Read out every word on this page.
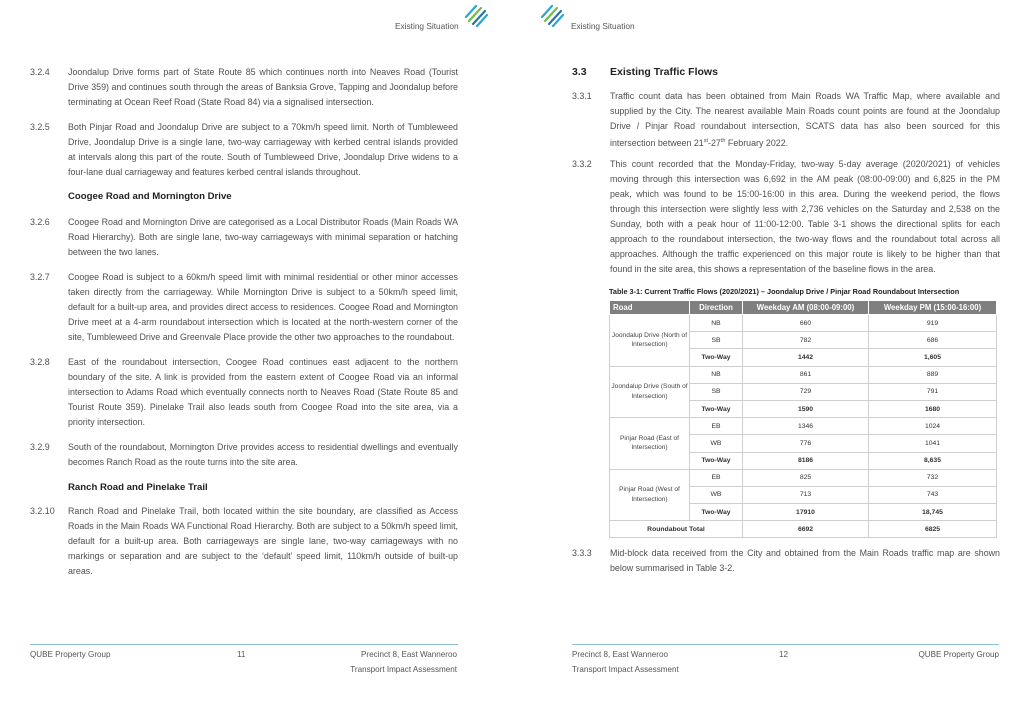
Existing Situation
3.2.4 Joondalup Drive forms part of State Route 85 which continues north into Neaves Road (Tourist Drive 359) and continues south through the areas of Banksia Grove, Tapping and Joondalup before terminating at Ocean Reef Road (State Road 84) via a signalised intersection.
3.2.5 Both Pinjar Road and Joondalup Drive are subject to a 70km/h speed limit. North of Tumbleweed Drive, Joondalup Drive is a single lane, two-way carriageway with kerbed central islands provided at intervals along this part of the route. South of Tumbleweed Drive, Joondalup Drive widens to a four-lane dual carriageway and features kerbed central islands throughout.
Coogee Road and Mornington Drive
3.2.6 Coogee Road and Mornington Drive are categorised as a Local Distributor Roads (Main Roads WA Road Hierarchy). Both are single lane, two-way carriageways with minimal separation or hatching between the two lanes.
3.2.7 Coogee Road is subject to a 60km/h speed limit with minimal residential or other minor accesses taken directly from the carriageway. While Mornington Drive is subject to a 50km/h speed limit, default for a built-up area, and provides direct access to residences. Coogee Road and Mornington Drive meet at a 4-arm roundabout intersection which is located at the north-western corner of the site, Tumbleweed Drive and Greenvale Place provide the other two approaches to the roundabout.
3.2.8 East of the roundabout intersection, Coogee Road continues east adjacent to the northern boundary of the site. A link is provided from the eastern extent of Coogee Road via an informal intersection to Adams Road which eventually connects north to Neaves Road (State Route 85 and Tourist Route 359). Pinelake Trail also leads south from Coogee Road into the site area, via a priority intersection.
3.2.9 South of the roundabout, Mornington Drive provides access to residential dwellings and eventually becomes Ranch Road as the route turns into the site area.
Ranch Road and Pinelake Trail
3.2.10 Ranch Road and Pinelake Trail, both located within the site boundary, are classified as Access Roads in the Main Roads WA Functional Road Hierarchy. Both are subject to a 50km/h speed limit, default for a built-up area. Both carriageways are single lane, two-way carriageways with no markings or separation and are subject to the ‘default’ speed limit, 110km/h outside of built-up areas.
QUBE Property Group	11	Precinct 8, East Wanneroo
Transport Impact Assessment
Existing Situation
3.3 Existing Traffic Flows
3.3.1 Traffic count data has been obtained from Main Roads WA Traffic Map, where available and supplied by the City. The nearest available Main Roads count points are found at the Joondalup Drive / Pinjar Road roundabout intersection, SCATS data has also been sourced for this intersection between 21st-27th February 2022.
3.3.2 This count recorded that the Monday-Friday, two-way 5-day average (2020/2021) of vehicles moving through this intersection was 6,692 in the AM peak (08:00-09:00) and 6,825 in the PM peak, which was found to be 15:00-16:00 in this area. During the weekend period, the flows through this intersection were slightly less with 2,736 vehicles on the Saturday and 2,538 on the Sunday, both with a peak hour of 11:00-12:00. Table 3-1 shows the directional splits for each approach to the roundabout intersection, the two-way flows and the roundabout total across all approaches. Although the traffic experienced on this major route is likely to be higher than that found in the site area, this shows a representation of the baseline flows in the area.
Table 3-1: Current Traffic Flows (2020/2021) – Joondalup Drive / Pinjar Road Roundabout Intersection
Road	Direction	Weekday AM (08:00-09:00)	Weekday PM (15:00-16:00)
Joondalup Drive (North of Intersection)	NB	660	919
	SB	782	686
	Two-Way	1442	1,605
Joondalup Drive (South of Intersection)	NB	861	889
	SB	729	791
	Two-Way	1590	1680
Pinjar Road (East of Intersection)	EB	1346	1024
	WB	776	1041
	Two-Way	8186	8,635
Pinjar Road (West of Intersection)	EB	825	732
	WB	713	743
	Two-Way	17910	18,745
Roundabout Total		6692	6825
3.3.3 Mid-block data received from the City and obtained from the Main Roads traffic map are shown below summarised in Table 3-2.
Precinct 8, East Wanneroo
Transport Impact Assessment
12	QUBE Property Group
